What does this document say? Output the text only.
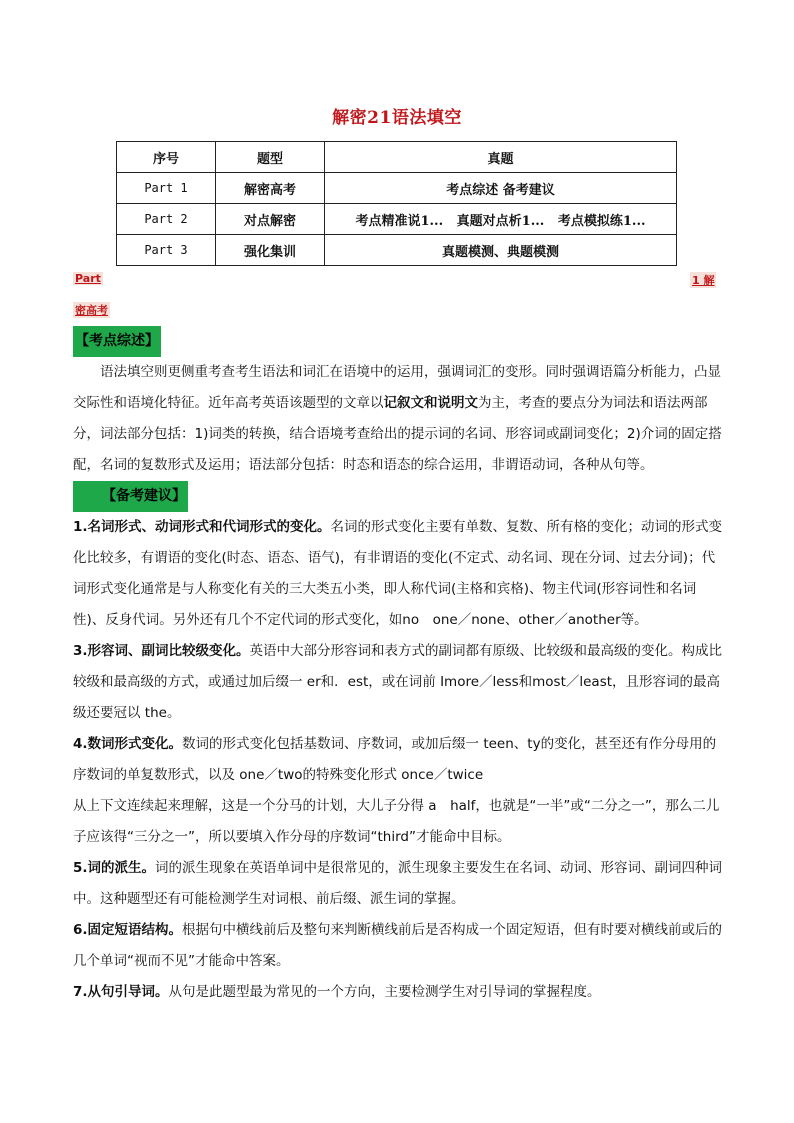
解密21语法填空
序号	题型	真题
Part 1	解密高考	考点综述 备考建议
Part 2	对点解密	考点精准说1...   真题对点析1...   考点模拟练1...
Part 3	强化集训	真题模测、典题模测
Part	1 解
密高考

【考点综述】

语法填空则更侧重考查考生语法和词汇在语境中的运用，强调词汇的变形。同时强调语篇分析能力，凸显交际性和语境化特征。近年高考英语该题型的文章以记叙文和说明文为主，考查的要点分为词法和语法两部分，词法部分包括：1)词类的转换，结合语境考查给出的提示词的名词、形容词或副词变化；2)介词的固定搭配，名词的复数形式及运用；语法部分包括：时态和语态的综合运用，非谓语动词，各种从句等。【备考建议】

1.名词形式、动词形式和代词形式的变化。名词的形式变化主要有单数、复数、所有格的变化；动词的形式变化比较多，有谓语的变化(时态、语态、语气)，有非谓语的变化(不定式、动名词、现在分词、过去分词)；代词形式变化通常是与人称变化有关的三大类五小类，即人称代词(主格和宾格)、物主代词(形容词性和名词性)、反身代词。另外还有几个不定代词的形式变化，如no　one／none、other／another等。

3.形容词、副词比较级变化。英语中大部分形容词和表方式的副词都有原级、比较级和最高级的变化。构成比较级和最高级的方式，或通过加后缀一 er和．est，或在词前 Imore／less和most／least，且形容词的最高级还要冠以 the。

4.数词形式变化。数词的形式变化包括基数词、序数词，或加后缀一 teen、ty的变化，甚至还有作分母用的序数词的单复数形式，以及 one／two的特殊变化形式 once／twice

从上下文连续起来理解，这是一个分马的计划，大儿子分得 a　half，也就是“一半”或“二分之一”，那么二儿子应该得“三分之一”，所以要填入作分母的序数词“third”才能命中目标。

5.词的派生。词的派生现象在英语单词中是很常见的，派生现象主要发生在名词、动词、形容词、副词四种词中。这种题型还有可能检测学生对词根、前后缀、派生词的掌握。

6.固定短语结构。根据句中横线前后及整句来判断横线前后是否构成一个固定短语，但有时要对横线前或后的几个单词“视而不见”才能命中答案。

7.从句引导词。从句是此题型最为常见的一个方向，主要检测学生对引导词的掌握程度。
